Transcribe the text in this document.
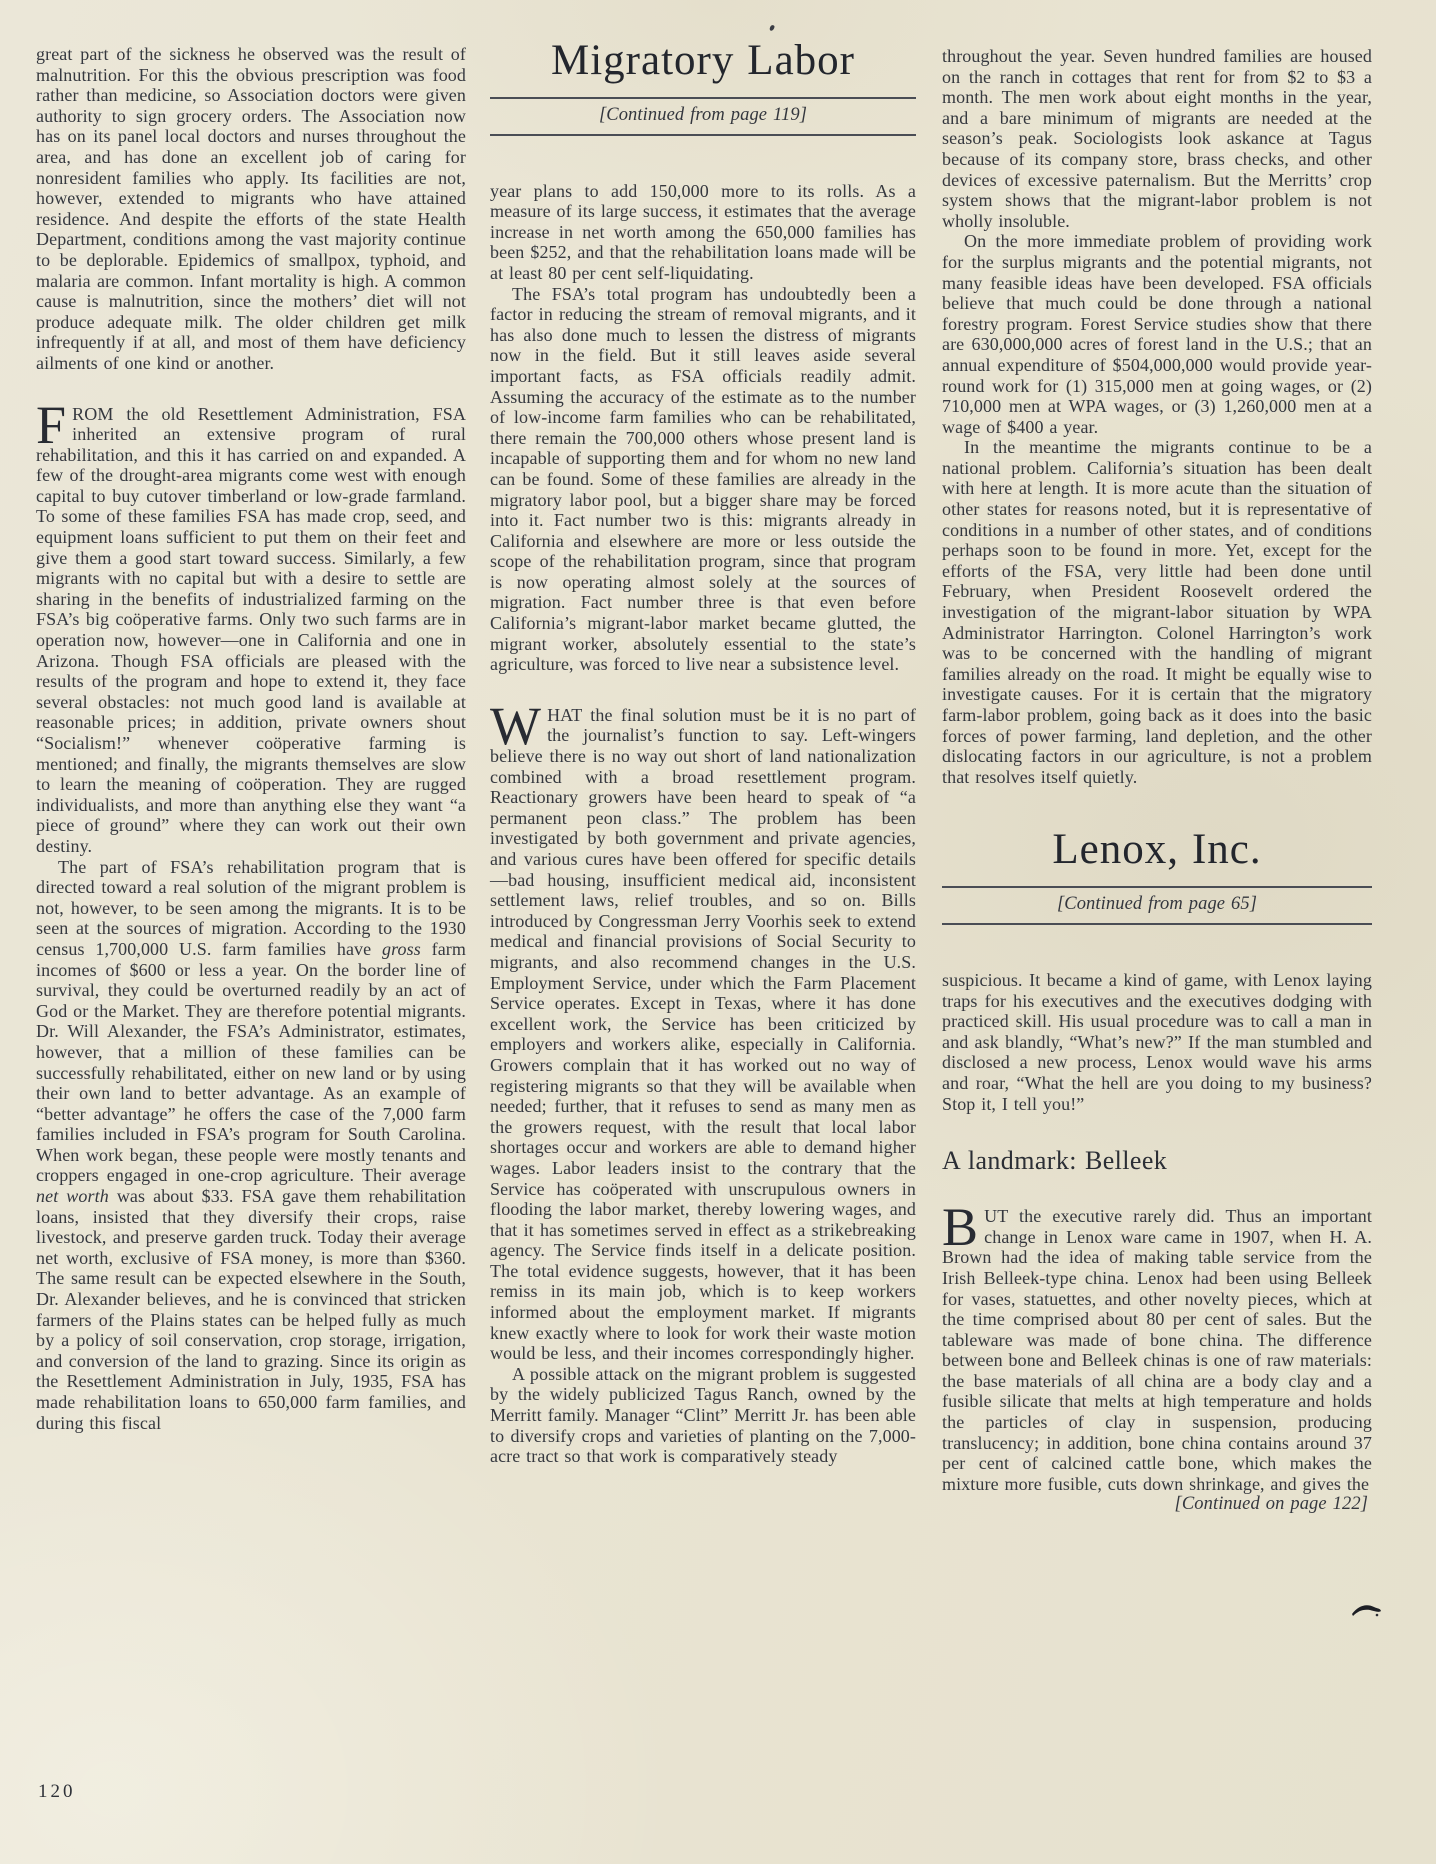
great part of the sickness he observed was the result of malnutrition. For this the obvious prescription was food rather than medicine, so Association doctors were given authority to sign grocery orders. The Association now has on its panel local doctors and nurses throughout the area, and has done an excellent job of caring for nonresident families who apply. Its facilities are not, however, extended to migrants who have attained residence. And despite the efforts of the state Health Department, conditions among the vast majority continue to be deplorable. Epidemics of smallpox, typhoid, and malaria are common. Infant mortality is high. A common cause is malnutrition, since the mothers’ diet will not produce adequate milk. The older children get milk infrequently if at all, and most of them have deficiency ailments of one kind or another.

FROM the old Resettlement Administration, FSA inherited an extensive program of rural rehabilitation, and this it has carried on and expanded. A few of the drought-area migrants come west with enough capital to buy cutover timberland or low-grade farmland. To some of these families FSA has made crop, seed, and equipment loans sufficient to put them on their feet and give them a good start toward success. Similarly, a few migrants with no capital but with a desire to settle are sharing in the benefits of industrialized farming on the FSA’s big coöperative farms. Only two such farms are in operation now, however—one in California and one in Arizona. Though FSA officials are pleased with the results of the program and hope to extend it, they face several obstacles: not much good land is available at reasonable prices; in addition, private owners shout “Socialism!” whenever coöperative farming is mentioned; and finally, the migrants themselves are slow to learn the meaning of coöperation. They are rugged individualists, and more than anything else they want “a piece of ground” where they can work out their own destiny.

The part of FSA’s rehabilitation program that is directed toward a real solution of the migrant problem is not, however, to be seen among the migrants. It is to be seen at the sources of migration. According to the 1930 census 1,700,000 U.S. farm families have gross farm incomes of $600 or less a year. On the border line of survival, they could be overturned readily by an act of God or the Market. They are therefore potential migrants. Dr. Will Alexander, the FSA’s Administrator, estimates, however, that a million of these families can be successfully rehabilitated, either on new land or by using their own land to better advantage. As an example of “better advantage” he offers the case of the 7,000 farm families included in FSA’s program for South Carolina. When work began, these people were mostly tenants and croppers engaged in one-crop agriculture. Their average net worth was about $33. FSA gave them rehabilitation loans, insisted that they diversify their crops, raise livestock, and preserve garden truck. Today their average net worth, exclusive of FSA money, is more than $360. The same result can be expected elsewhere in the South, Dr. Alexander believes, and he is convinced that stricken farmers of the Plains states can be helped fully as much by a policy of soil conservation, crop storage, irrigation, and conversion of the land to grazing. Since its origin as the Resettlement Administration in July, 1935, FSA has made rehabilitation loans to 650,000 farm families, and during this fiscal

Migratory Labor
[Continued from page 119]

year plans to add 150,000 more to its rolls. As a measure of its large success, it estimates that the average increase in net worth among the 650,000 families has been $252, and that the rehabilitation loans made will be at least 80 per cent self-liquidating.

The FSA’s total program has undoubtedly been a factor in reducing the stream of removal migrants, and it has also done much to lessen the distress of migrants now in the field. But it still leaves aside several important facts, as FSA officials readily admit. Assuming the accuracy of the estimate as to the number of low-income farm families who can be rehabilitated, there remain the 700,000 others whose present land is incapable of supporting them and for whom no new land can be found. Some of these families are already in the migratory labor pool, but a bigger share may be forced into it. Fact number two is this: migrants already in California and elsewhere are more or less outside the scope of the rehabilitation program, since that program is now operating almost solely at the sources of migration. Fact number three is that even before California’s migrant-labor market became glutted, the migrant worker, absolutely essential to the state’s agriculture, was forced to live near a subsistence level.

WHAT the final solution must be it is no part of the journalist’s function to say. Left-wingers believe there is no way out short of land nationalization combined with a broad resettlement program. Reactionary growers have been heard to speak of “a permanent peon class.” The problem has been investigated by both government and private agencies, and various cures have been offered for specific details—bad housing, insufficient medical aid, inconsistent settlement laws, relief troubles, and so on. Bills introduced by Congressman Jerry Voorhis seek to extend medical and financial provisions of Social Security to migrants, and also recommend changes in the U.S. Employment Service, under which the Farm Placement Service operates. Except in Texas, where it has done excellent work, the Service has been criticized by employers and workers alike, especially in California. Growers complain that it has worked out no way of registering migrants so that they will be available when needed; further, that it refuses to send as many men as the growers request, with the result that local labor shortages occur and workers are able to demand higher wages. Labor leaders insist to the contrary that the Service has coöperated with unscrupulous owners in flooding the labor market, thereby lowering wages, and that it has sometimes served in effect as a strikebreaking agency. The Service finds itself in a delicate position. The total evidence suggests, however, that it has been remiss in its main job, which is to keep workers informed about the employment market. If migrants knew exactly where to look for work their waste motion would be less, and their incomes correspondingly higher.

A possible attack on the migrant problem is suggested by the widely publicized Tagus Ranch, owned by the Merritt family. Manager “Clint” Merritt Jr. has been able to diversify crops and varieties of planting on the 7,000-acre tract so that work is comparatively steady

throughout the year. Seven hundred families are housed on the ranch in cottages that rent for from $2 to $3 a month. The men work about eight months in the year, and a bare minimum of migrants are needed at the season’s peak. Sociologists look askance at Tagus because of its company store, brass checks, and other devices of excessive paternalism. But the Merritts’ crop system shows that the migrant-labor problem is not wholly insoluble.

On the more immediate problem of providing work for the surplus migrants and the potential migrants, not many feasible ideas have been developed. FSA officials believe that much could be done through a national forestry program. Forest Service studies show that there are 630,000,000 acres of forest land in the U.S.; that an annual expenditure of $504,000,000 would provide year-round work for (1) 315,000 men at going wages, or (2) 710,000 men at WPA wages, or (3) 1,260,000 men at a wage of $400 a year.

In the meantime the migrants continue to be a national problem. California’s situation has been dealt with here at length. It is more acute than the situation of other states for reasons noted, but it is representative of conditions in a number of other states, and of conditions perhaps soon to be found in more. Yet, except for the efforts of the FSA, very little had been done until February, when President Roosevelt ordered the investigation of the migrant-labor situation by WPA Administrator Harrington. Colonel Harrington’s work was to be concerned with the handling of migrant families already on the road. It might be equally wise to investigate causes. For it is certain that the migratory farm-labor problem, going back as it does into the basic forces of power farming, land depletion, and the other dislocating factors in our agriculture, is not a problem that resolves itself quietly.

Lenox, Inc.
[Continued from page 65]

suspicious. It became a kind of game, with Lenox laying traps for his executives and the executives dodging with practiced skill. His usual procedure was to call a man in and ask blandly, “What’s new?” If the man stumbled and disclosed a new process, Lenox would wave his arms and roar, “What the hell are you doing to my business? Stop it, I tell you!”

A landmark: Belleek

BUT the executive rarely did. Thus an important change in Lenox ware came in 1907, when H. A. Brown had the idea of making table service from the Irish Belleek-type china. Lenox had been using Belleek for vases, statuettes, and other novelty pieces, which at the time comprised about 80 per cent of sales. But the tableware was made of bone china. The difference between bone and Belleek chinas is one of raw materials: the base materials of all china are a body clay and a fusible silicate that melts at high temperature and holds the particles of clay in suspension, producing translucency; in addition, bone china contains around 37 per cent of calcined cattle bone, which makes the mixture more fusible, cuts down shrinkage, and gives the

[Continued on page 122]
120
